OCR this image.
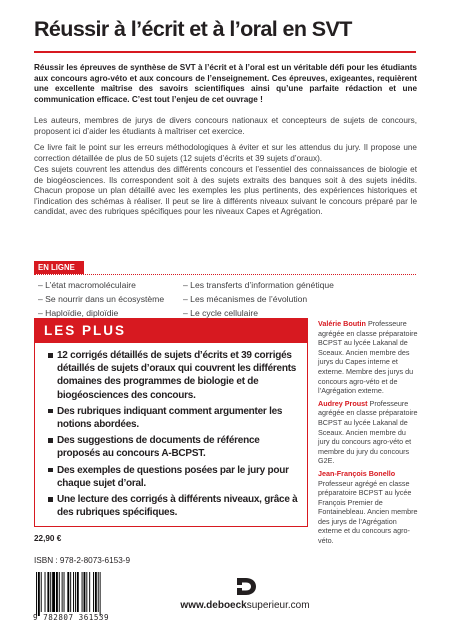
Réussir à l’écrit et à l’oral en SVT
Réussir les épreuves de synthèse de SVT à l’écrit et à l’oral est un véritable défi pour les étudiants aux concours agro-véto et aux concours de l’enseignement. Ces épreuves, exigeantes, requièrent une excellente maîtrise des savoirs scientifiques ainsi qu’une parfaite rédaction et une communication efficace. C’est tout l’enjeu de cet ouvrage !
Les auteurs, membres de jurys de divers concours nationaux et concepteurs de sujets de concours, proposent ici d’aider les étudiants à maîtriser cet exercice.
Ce livre fait le point sur les erreurs méthodologiques à éviter et sur les attendus du jury. Il propose une correction détaillée de plus de 50 sujets (12 sujets d’écrits et 39 sujets d’oraux).
Ces sujets couvrent les attendus des différents concours et l’essentiel des connaissances de biologie et de biogéosciences. Ils correspondent soit à des sujets extraits des banques soit à des sujets inédits. Chacun propose un plan détaillé avec les exemples les plus pertinents, des expériences historiques et l’indication des schémas à réaliser. Il peut se lire à différents niveaux suivant le concours préparé par le candidat, avec des rubriques spécifiques pour les niveaux Capes et Agrégation.
EN LIGNE
– L’état macromoléculaire
– Se nourrir dans un écosystème
– Haploïdie, diploïdie
– Les transferts d’information génétique
– Les mécanismes de l’évolution
– Le cycle cellulaire
LES PLUS
12 corrigés détaillés de sujets d’écrits et 39 corrigés détaillés de sujets d’oraux qui couvrent les différents domaines des programmes de biologie et de biogéosciences des concours.
Des rubriques indiquant comment argumenter les notions abordées.
Des suggestions de documents de référence proposés au concours A-BCPST.
Des exemples de questions posées par le jury pour chaque sujet d’oral.
Une lecture des corrigés à différents niveaux, grâce à des rubriques spécifiques.
Valérie Boutin Professeure agrégée en classe préparatoire BCPST au lycée Lakanal de Sceaux. Ancien membre des jurys du Capes interne et externe. Membre des jurys du concours agro-véto et de l’Agrégation externe.
Audrey Proust Professeure agrégée en classe préparatoire BCPST au lycée Lakanal de Sceaux. Ancien membre du jury du concours agro-véto et membre du jury du concours G2E.
Jean-François Bonello Professeur agrégé en classe préparatoire BCPST au lycée François Premier de Fontainebleau. Ancien membre des jurys de l’Agrégation externe et du concours agro-véto.
22,90 €
ISBN : 978-2-8073-6153-9
9 782807 361539
www.deboecksuperieur.com
